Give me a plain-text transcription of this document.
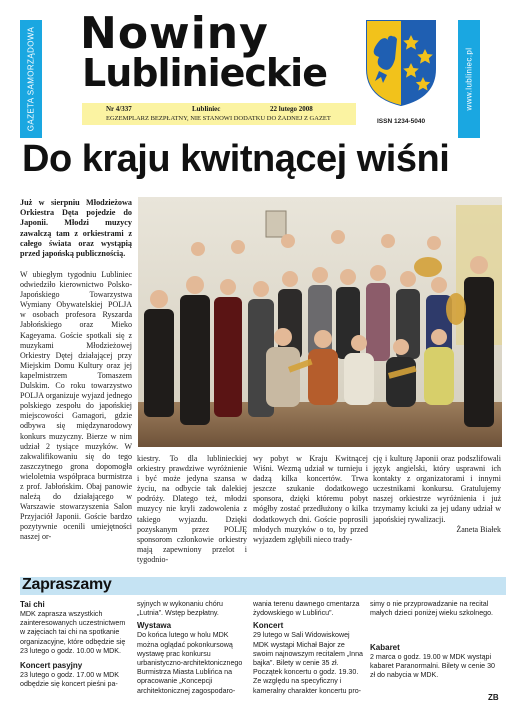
GAZETA SAMORZĄDOWA	www.lubliniec.pl
Nowiny
Lublinieckie
Nr 4/337	Lubliniec	22 lutego 2008
EGZEMPLARZ BEZPŁATNY, NIE STANOWI DODATKU DO ŻADNEJ Z GAZET	ISSN 1234-5040
Do kraju kwitnącej wiśni
Już w sierpniu Młodzieżowa Orkiestra Dęta pojedzie do Japonii. Młodzi muzycy zawalczą tam z orkiestrami z całego świata oraz wystąpią przed japońską publicznością.
W ubiegłym tygodniu Lubliniec odwiedziło kierownictwo Polsko-Japońskiego Towarzystwa Wymiany Obywatelskiej POLJA w osobach profesora Ryszarda Jabłońskiego oraz Mieko Kageyama. Goście spotkali się z muzykami Młodzieżowej Orkiestry Dętej działającej przy Miejskim Domu Kultury oraz jej kapelmistrzem Tomaszem Dulskim. Co roku towarzystwo POLJA organizuje wyjazd jednego polskiego zespołu do japońskiej miejscowości Gamagori, gdzie odbywa się międzynarodowy konkurs muzyczny. Bierze w nim udział 2 tysiące muzyków. W zakwalifikowaniu się do tego zaszczytnego grona dopomogła wieloletnia współpraca burmistrza z prof. Jabłońskim. Obaj panowie należą do działającego w Warszawie stowarzyszenia Salon Przyjaciół Japonii. Goście bardzo pozytywnie ocenili umiejętności naszej or-
kiestry. To dla lublinieckiej orkiestry prawdziwe wyróżnienie i być może jedyna szansa w życiu, na odbycie tak dalekiej podróży. Dlatego też, młodzi muzycy nie kryli zadowolenia z takiego wyjazdu. Dzięki pozyskanym przez POLJĘ sponsorom członkowie orkiestry mają zapewniony przelot i tygodnio-
wy pobyt w Kraju Kwitnącej Wiśni. Wezmą udział w turnieju i dadzą kilka koncertów. Trwa jeszcze szukanie dodatkowego sponsora, dzięki któremu pobyt mógłby zostać przedłużony o kilka dodatkowych dni. Goście poprosili młodych muzyków o to, by przed wyjazdem zgłębili nieco trady-

cję i kulturę Japonii oraz podszlifowali język angielski, który usprawni ich kontakty z organizatorami i innymi uczestnikami konkursu. Gratulujemy naszej orkiestrze wyróżnienia i już trzymamy kciuki za jej udany udział w japońskiej rywalizacji.

Żaneta Białek
Zapraszamy
Tai chi
MDK zaprasza wszystkich zainteresowanych uczestnictwem w zajęciach tai chi na spotkanie organizacyjne, które odbędzie się 23 lutego o godz. 10.00 w MDK.
Koncert pasyjny
23 lutego o godz. 17.00 w MDK odbędzie się koncert pieśni pa-
syjnych w wykonaniu chóru „Lutnia”. Wstęp bezpłatny.
Wystawa
Do końca lutego w holu MDK można oglądać pokonkursową wystawę prac konkursu urbanistyczno-architektonicznego Burmistrza Miasta Lublińca na opracowanie „Koncepcji architektonicznej zagospodaro-
wania terenu dawnego cmentarza żydowskiego w Lublińcu”.
Koncert
29 lutego w Sali Widowiskowej MDK wystąpi Michał Bajor ze swoim najnowszym recitalem „Inna bajka”. Bilety w cenie 35 zł. Początek koncertu o godz. 19.30. Ze względu na specyficzny i kameralny charakter koncertu pro-
simy o nie przyprowadzanie na recital małych dzieci poniżej wieku szkolnego.
Kabaret
2 marca o godz. 19.00 w MDK wystąpi kabaret Paranormalni. Bilety w cenie 30 zł do nabycia w MDK.
ZB
